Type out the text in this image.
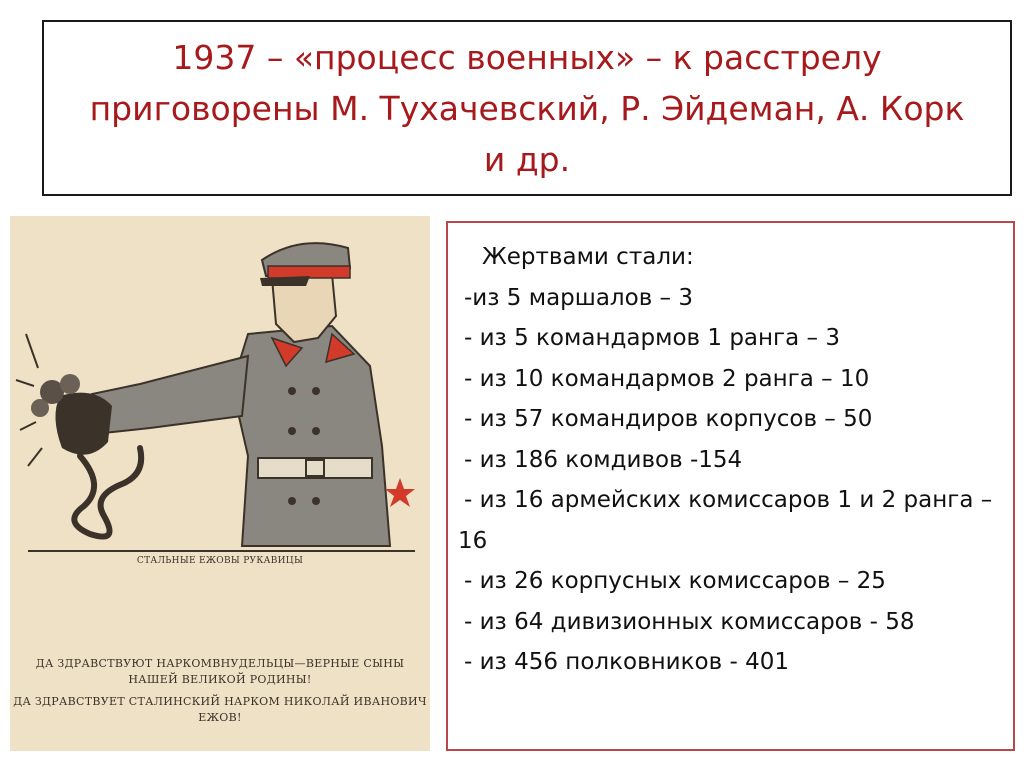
1937 – «процесс военных» – к расстрелу приговорены М. Тухачевский, Р. Эйдеман, А. Корк и др.

СТАЛЬНЫЕ ЕЖОВЫ РУКАВИЦЫ
ДА ЗДРАВСТВУЮТ НАРКОМВНУДЕЛЬЦЫ—ВЕРНЫЕ СЫНЫ НАШЕЙ ВЕЛИКОЙ РОДИНЫ!
ДА ЗДРАВСТВУЕТ СТАЛИНСКИЙ НАРКОМ НИКОЛАЙ ИВАНОВИЧ ЕЖОВ!

Жертвами стали:

-из 5 маршалов – 3
- из 5 командармов 1 ранга – 3
- из 10 командармов 2 ранга – 10
- из 57 командиров корпусов – 50
- из 186 комдивов -154
- из 16 армейских комиссаров 1 и 2 ранга – 16
- из 26 корпусных комиссаров – 25
- из 64 дивизионных комиссаров - 58
- из 456 полковников - 401
